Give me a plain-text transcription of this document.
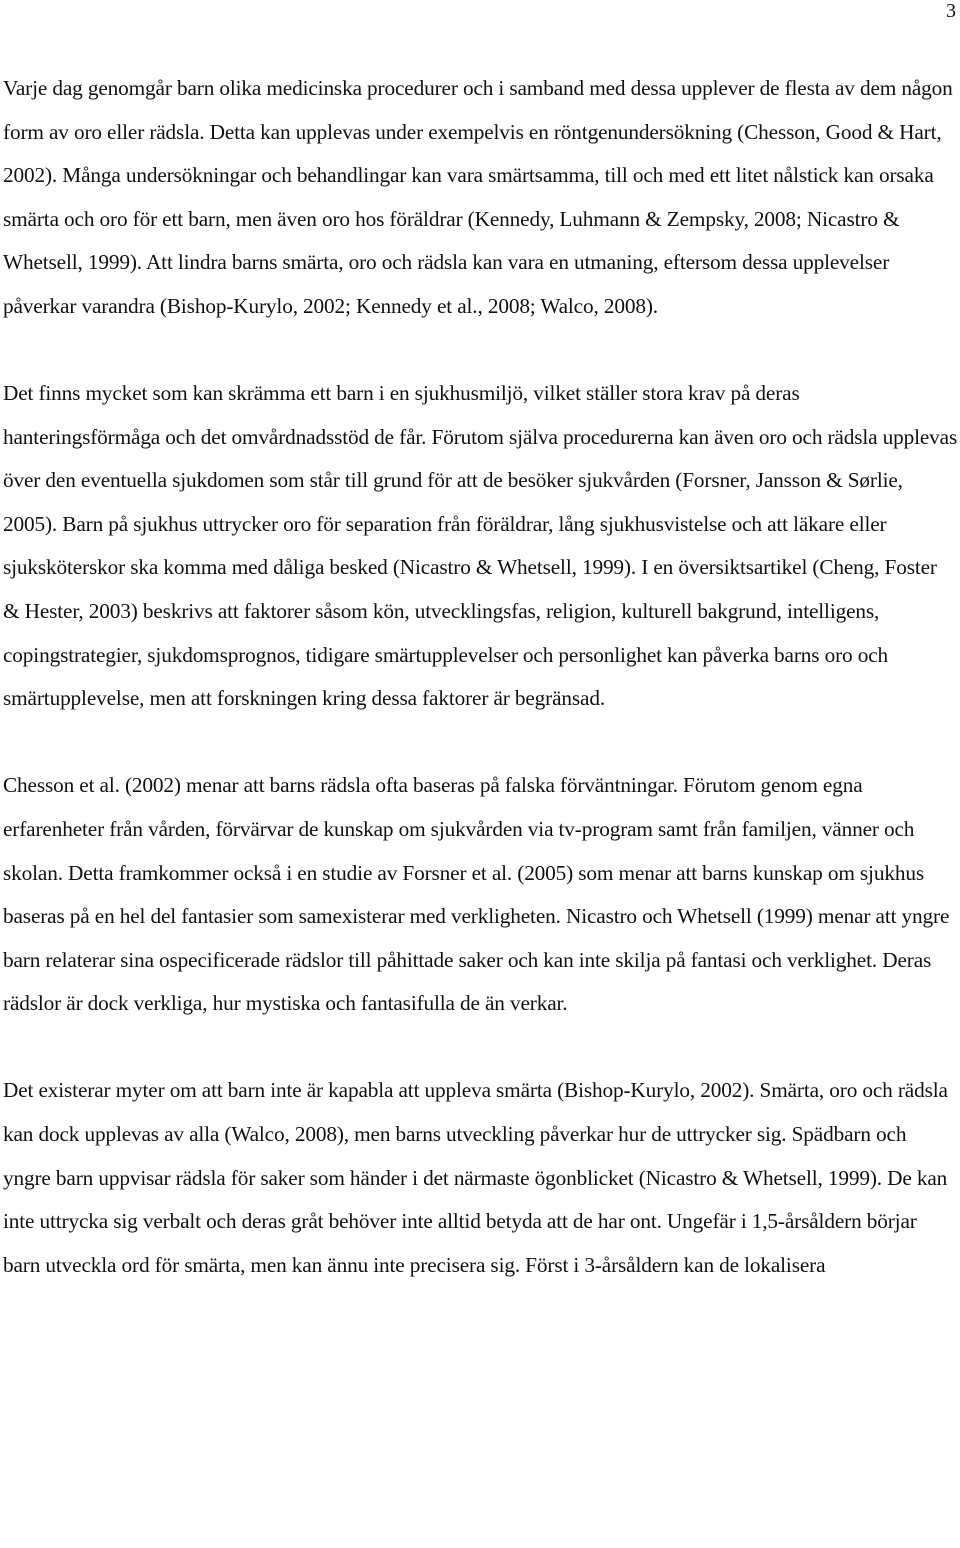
3

Varje dag genomgår barn olika medicinska procedurer och i samband med dessa upplever de flesta av dem någon form av oro eller rädsla. Detta kan upplevas under exempelvis en röntgenundersökning (Chesson, Good & Hart, 2002). Många undersökningar och behandlingar kan vara smärtsamma, till och med ett litet nålstick kan orsaka smärta och oro för ett barn, men även oro hos föräldrar (Kennedy, Luhmann & Zempsky, 2008; Nicastro & Whetsell, 1999). Att lindra barns smärta, oro och rädsla kan vara en utmaning, eftersom dessa upplevelser påverkar varandra (Bishop-Kurylo, 2002; Kennedy et al., 2008; Walco, 2008).

Det finns mycket som kan skrämma ett barn i en sjukhusmiljö, vilket ställer stora krav på deras hanteringsförmåga och det omvårdnadsstöd de får. Förutom själva procedurerna kan även oro och rädsla upplevas över den eventuella sjukdomen som står till grund för att de besöker sjukvården (Forsner, Jansson & Sørlie, 2005). Barn på sjukhus uttrycker oro för separation från föräldrar, lång sjukhusvistelse och att läkare eller sjuksköterskor ska komma med dåliga besked (Nicastro & Whetsell, 1999). I en översiktsartikel (Cheng, Foster & Hester, 2003) beskrivs att faktorer såsom kön, utvecklingsfas, religion, kulturell bakgrund, intelligens, copingstrategier, sjukdomsprognos, tidigare smärtupplevelser och personlighet kan påverka barns oro och smärtupplevelse, men att forskningen kring dessa faktorer är begränsad.

Chesson et al. (2002) menar att barns rädsla ofta baseras på falska förväntningar. Förutom genom egna erfarenheter från vården, förvärvar de kunskap om sjukvården via tv-program samt från familjen, vänner och skolan. Detta framkommer också i en studie av Forsner et al. (2005) som menar att barns kunskap om sjukhus baseras på en hel del fantasier som samexisterar med verkligheten. Nicastro och Whetsell (1999) menar att yngre barn relaterar sina ospecificerade rädslor till påhittade saker och kan inte skilja på fantasi och verklighet. Deras rädslor är dock verkliga, hur mystiska och fantasifulla de än verkar.

Det existerar myter om att barn inte är kapabla att uppleva smärta (Bishop-Kurylo, 2002). Smärta, oro och rädsla kan dock upplevas av alla (Walco, 2008), men barns utveckling påverkar hur de uttrycker sig. Spädbarn och yngre barn uppvisar rädsla för saker som händer i det närmaste ögonblicket (Nicastro & Whetsell, 1999). De kan inte uttrycka sig verbalt och deras gråt behöver inte alltid betyda att de har ont. Ungefär i 1,5-årsåldern börjar barn utveckla ord för smärta, men kan ännu inte precisera sig. Först i 3-årsåldern kan de lokalisera
